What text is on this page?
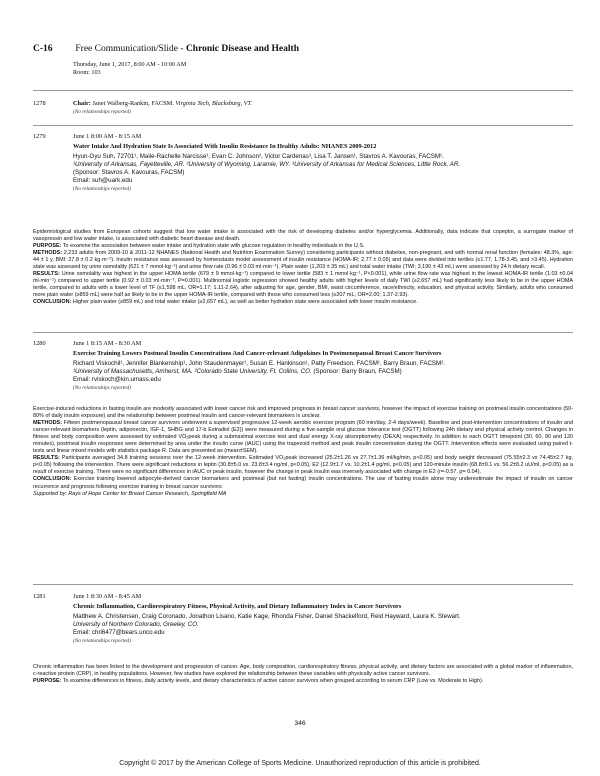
C-16 Free Communication/Slide - Chronic Disease and Health
Thursday, June 1, 2017, 8:00 AM - 10:00 AM
Room: 103
1278	Chair: Janet Walberg-Rankin, FACSM. Virginia Tech, Blacksburg, VT.

(No relationships reported)

1279	June 1 8:00 AM - 8:15 AM

Water Intake And Hydration State Is Associated With Insulin Resistance In Healthy Adults: NHANES 2009-2012

Hyun-Gyu Suh, 72701¹, Maile-Rachelle Narcisse¹, Evan C. Johnson², Victor Cardenas³, Lisa T. Jansen¹, Stavros A. Kavouras, FACSM¹.

¹University of Arkansas, Fayetteville, AR. ²University of Wyoming, Laramie, WY. ³University of Arkansas for Medical Sciences, Little Rock, AR.

(Sponsor: Stavros A. Kavouras, FACSM)

Email: suh@uark.edu

(No relationships reported)

Epidemiological studies from European cohorts suggest that low water intake is associated with the risk of developing diabetes and/or hyperglycemia. Additionally, data indicate that copeptin, a surrogate marker of vasopressin and low water intake, is associated with diabetic heart disease and death.

PURPOSE: To examine the association between water intake and hydration state with glucose regulation in healthy individuals in the U.S.

METHODS: 2,233 adults from 2009-10 & 2011-12 NHANES (National Health and Nutrition Examination Survey) considering participants without diabetes, non-pregnant, and with normal renal function (females: 48.3%, age: 44 ± 1 y, BMI: 27.8 ± 0.2 kg·m⁻²). Insulin resistance was assessed by homeostasis model assessment of insulin resistance (HOMA-IR; 2.77 ± 0.05) and data were divided into tertiles (≤1.77, 1.78-3.45, and >3.45). Hydration state was assessed by urine osmolality (621 ± 7 mmol·kg⁻¹) and urine flow rate (0.96 ± 0.03 ml·min⁻¹). Plain water (1,203 ± 35 mL) and total water intake (TWI; 3,190 ± 43 mL) were assessed by 24 h dietary recall.

RESULTS: Urine osmolality was highest in the upper HOMA tertile (679 ± 9 mmol·kg⁻¹) compared to lower tertile (583 ± 1 mmol·kg⁻¹, P<0.001), while urine flow rate was highest in the lowest HOMA-IR tertile (1.03 ±0.04 ml·min⁻¹) compared to upper tertile (0.92 ± 0.03 ml·min⁻¹, P=0.001). Multinomial logistic regression showed healthy adults with higher levels of daily TWI (≥2,657 mL) had significantly less likely to be in the upper HOMA tertile, compared to adults with a lower level of TF (≤1,598 mL, OR=1.17; 1.11-2.64), after adjusting for age, gender, BMI, waist circumference, race/ethnicity, education, and physical activity. Similarly, adults who consumed more plain water (≥859 mL) were half as likely to be in the upper HOMA-IR tertile, compared with those who consumed less (≤207 mL, OR=2.00; 1.37-2.93).

CONCLUSION: Higher plain water (≥859 mL) and total water intake (≥2,657 mL), as well as better hydration state were associated with lower insulin resistance.

1280	June 1 8:15 AM - 8:30 AM

Exercise Training Lowers Postmeal Insulin Concentrations And Cancer-relevant Adipokines In Postmenopausal Breast Cancer Survivors

Richard Viskochil¹, Jennifer Blankenship¹, John Staudenmayer¹, Susan E. Hankinson¹, Patty Freedson, FACSM¹, Barry Braun, FACSM².

¹University of Massachusetts, Amherst, MA. ²Colorado State University, Ft. Collins, CO. (Sponsor: Barry Braun, FACSM)

Email: rviskoch@kin.umass.edu

(No relationships reported)

Exercise-induced reductions in fasting insulin are modestly associated with lower cancer risk and improved prognosis in breast cancer survivors, however the impact of exercise training on postmeal insulin concentrations (50-80% of daily insulin exposure) and the relationship between postmeal insulin and cancer-relevant biomarkers is unclear.

METHODS: Fifteen postmenopausal breast cancer survivors underwent a supervised progressive 12-week aerobic exercise program (60 min/day, 2-4 days/week). Baseline and post-intervention concentrations of insulin and cancer-relevant biomarkers (leptin, adiponectin, IGF-1, SHBG and 17-b Estradiol (E2)) were measured during a five-sample oral glucose tolerance test (OGTT) following 24h dietary and physical activity control. Changes in fitness and body composition were assessed by estimated VO₂peak during a submaximal exercise test and dual energy X-ray absorptiometry (DEXA) respectively. In addition to each OGTT timepoint (30, 60, 90 and 120 minutes), postmeal insulin responses were determined by area under the insulin curve (iAUC) using the trapezoid method and peak insulin concentration during the OGTT. Intervention effects were evaluated using paired t-tests and linear mixed models with statistics package R. Data are presented as (mean±SEM).

RESULTS: Participants averaged 34.8 training sessions over the 12-week intervention. Estimated VO₂peak increased (25.2±1.26 vs 27.7±1.36 ml/kg/min, p<0.05) and body weight decreased (75.55±2.3 vs 74.45±2.7 kg, p<0.05) following the intervention. There were significant reductions in leptin (30.8±5.0 vs. 23.8±3.4 ng/ml, p<0.05), E2 (12.9±1.7 vs. 10.2±1.4 pg/ml, p<0.05) and 120-minute insulin (68.8±9.1 vs. 56.2±8.2 uU/ml, p<0.05) as a result of exercise training. There were no significant differences in iAUC or peak insulin, however the change in peak insulin was inversely associated with change in E2 (r=-0.57, p= 0.04).

CONCLUSION: Exercise training lowered adipocyte-derived cancer biomarkers and postmeal (but not fasting) insulin concentrations. The use of fasting insulin alone may underestimate the impact of insulin on cancer recurrence and prognosis following exercise training in breast cancer survivors

Supported by: Rays of Hope Center for Breast Cancer Research, Springfield MA

1281	June 1 8:30 AM - 8:45 AM

Chronic Inflammation, Cardiorespiratory Fitness, Physical Activity, and Dietary Inflammatory Index in Cancer Survivors

Matthew A. Christensen, Craig Coronado, Jonathon Lisano, Katie Kage, Rhonda Fisher, Daniel Shackelford, Reid Hayward, Laura K. Stewart.

University of Northern Colorado, Greeley, CO.

Email: chri6477@bears.unco.edu

(No relationships reported)

Chronic inflammation has been linked to the development and progression of cancer. Age, body composition, cardiorespiratory fitness, physical activity, and dietary factors are associated with a global marker of inflammation, c-reactive protein (CRP), in healthy populations. However, few studies have explored the relationship between these variables with physically active cancer survivors.

PURPOSE: To examine differences in fitness, daily activity levels, and dietary characteristics of active cancer survivors when grouped according to serum CRP (Low vs. Moderate to High).

346
Copyright © 2017 by the American College of Sports Medicine. Unauthorized reproduction of this article is prohibited.
